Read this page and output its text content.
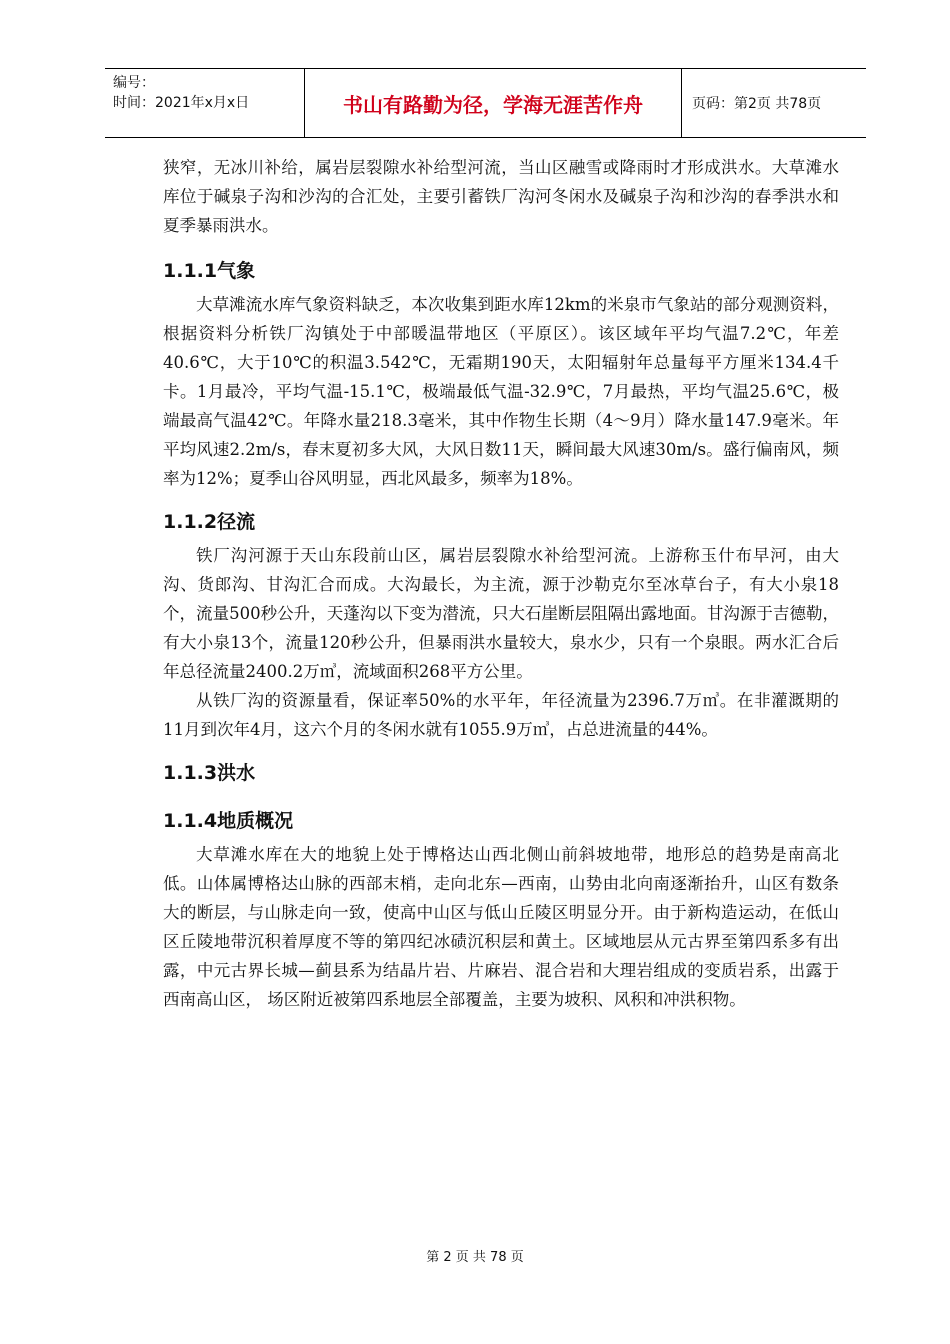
编号：
时间：2021年x月x日	书山有路勤为径，学海无涯苦作舟	页码：第2页 共78页

狭窄，无冰川补给，属岩层裂隙水补给型河流，当山区融雪或降雨时才形成洪水。大草滩水库位于碱泉子沟和沙沟的合汇处，主要引蓄铁厂沟河冬闲水及碱泉子沟和沙沟的春季洪水和夏季暴雨洪水。

1.1.1气象

大草滩流水库气象资料缺乏，本次收集到距水库12km的米泉市气象站的部分观测资料，根据资料分析铁厂沟镇处于中部暖温带地区（平原区）。该区域年平均气温7.2℃，年差40.6℃，大于10℃的积温3.542℃，无霜期190天，太阳辐射年总量每平方厘米134.4千卡。1月最冷，平均气温-15.1℃，极端最低气温-32.9℃，7月最热，平均气温25.6℃，极端最高气温42℃。年降水量218.3毫米，其中作物生长期（4～9月）降水量147.9毫米。年平均风速2.2m/s，春末夏初多大风，大风日数11天，瞬间最大风速30m/s。盛行偏南风，频率为12%；夏季山谷风明显，西北风最多，频率为18%。

1.1.2径流

铁厂沟河源于天山东段前山区，属岩层裂隙水补给型河流。上游称玉什布早河，由大沟、货郎沟、甘沟汇合而成。大沟最长，为主流，源于沙勒克尔至冰草台子，有大小泉18个，流量500秒公升，天蓬沟以下变为潜流，只大石崖断层阻隔出露地面。甘沟源于吉德勒，有大小泉13个，流量120秒公升，但暴雨洪水量较大，泉水少，只有一个泉眼。两水汇合后年总径流量2400.2万㎥，流域面积268平方公里。

从铁厂沟的资源量看，保证率50%的水平年，年径流量为2396.7万㎥。在非灌溉期的11月到次年4月，这六个月的冬闲水就有1055.9万㎥，占总进流量的44%。

1.1.3洪水
1.1.4地质概况

大草滩水库在大的地貌上处于博格达山西北侧山前斜坡地带，地形总的趋势是南高北低。山体属博格达山脉的西部末梢，走向北东—西南，山势由北向南逐渐抬升，山区有数条大的断层，与山脉走向一致，使高中山区与低山丘陵区明显分开。由于新构造运动，在低山区丘陵地带沉积着厚度不等的第四纪冰碛沉积层和黄土。区域地层从元古界至第四系多有出露，中元古界长城—蓟县系为结晶片岩、片麻岩、混合岩和大理岩组成的变质岩系，出露于西南高山区， 场区附近被第四系地层全部覆盖，主要为坡积、风积和冲洪积物。

第 2 页 共 78 页
